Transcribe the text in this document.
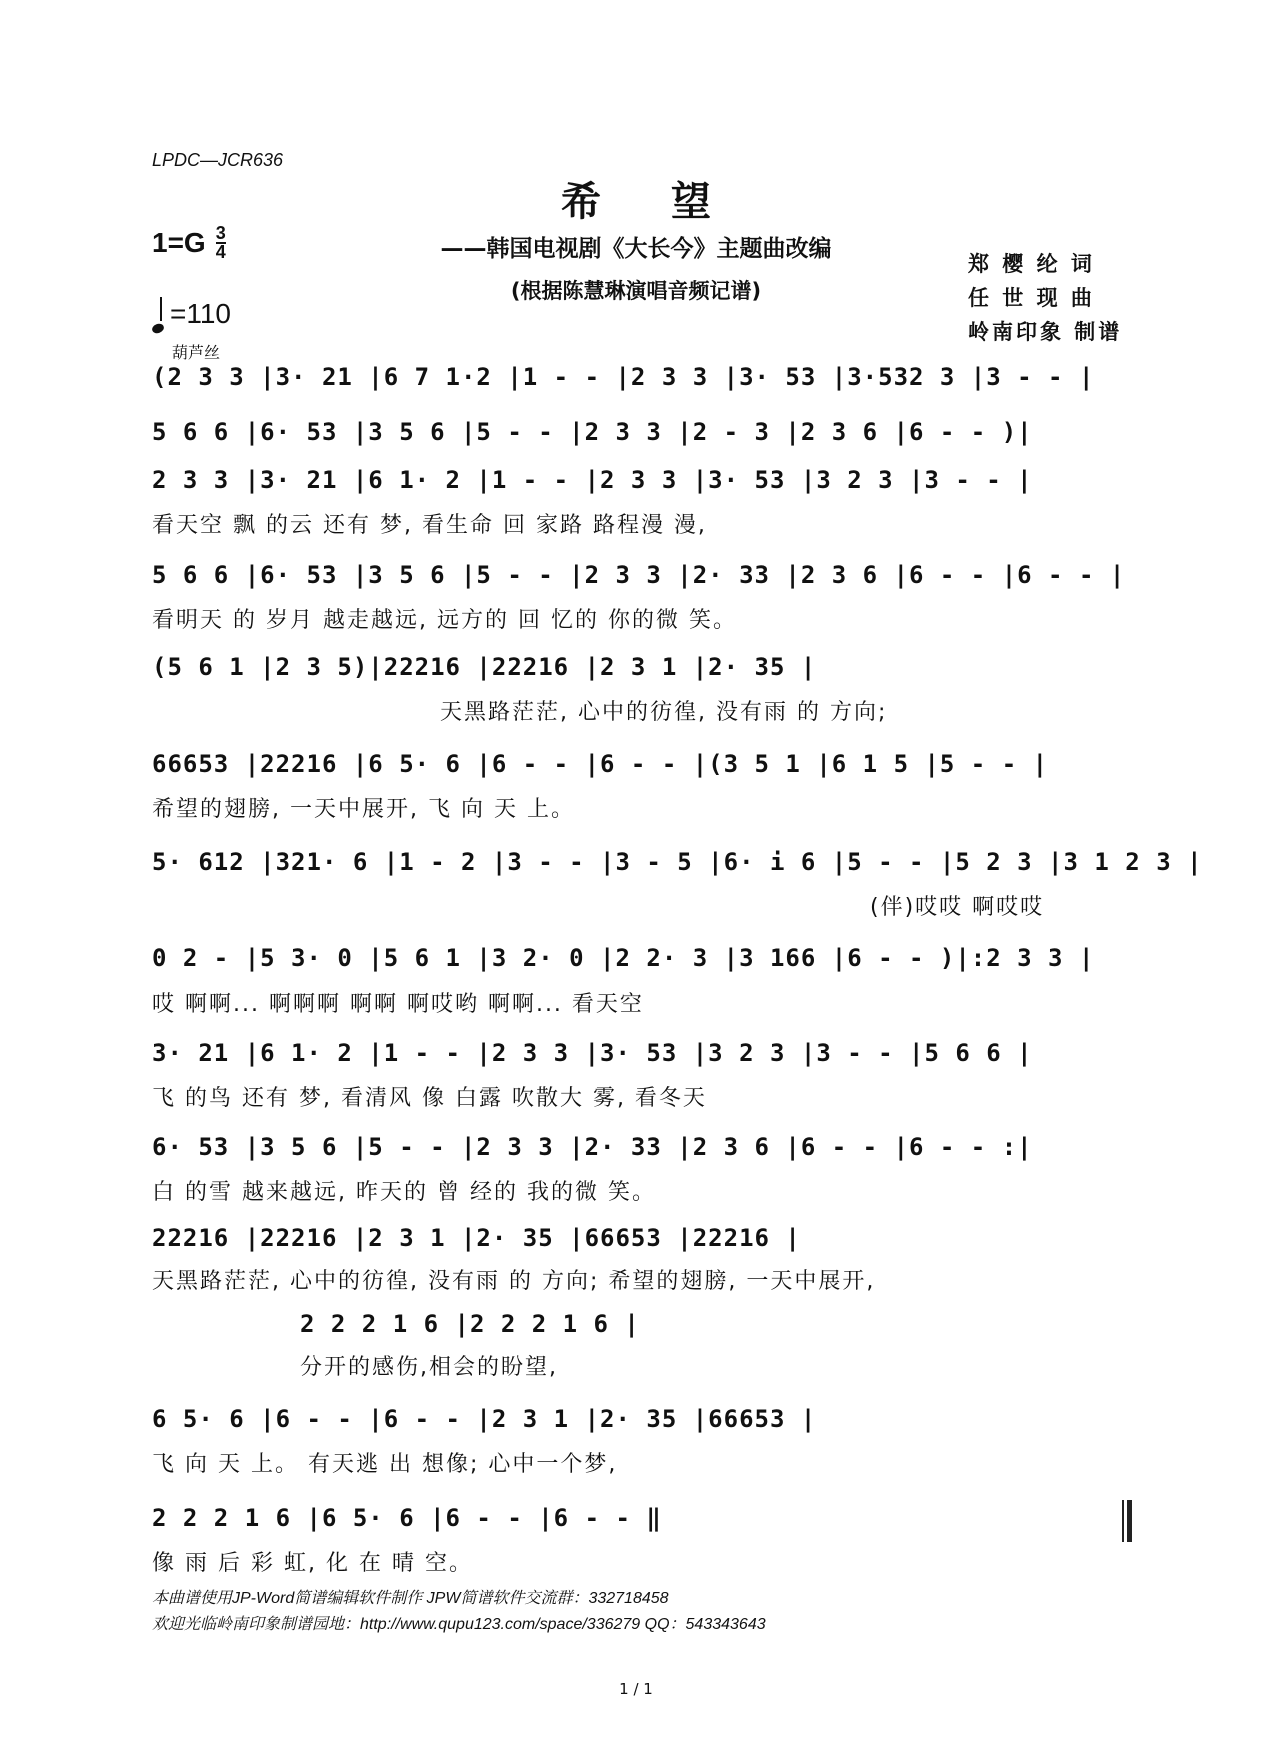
LPDC—JCR636
希望
$1=G \frac{3}{4}$
=110
——韩国电视剧《大长今》主题曲改编
(根据陈慧琳演唱音频记谱)
郑 樱 纶 词
任 世 现 曲
岭南印象 制谱
葫芦丝
(2 3 3 |3· 21 |6 7 1·2 |1 - - |2 3 3 |3· 53 |3·532 3 |3 - - |
5 6 6 |6· 53 |3 5 6 |5 - - |2 3 3 |2 - 3 |2 3 6 |6 - - )|
2 3 3 |3· 21 |6 1· 2 |1 - - |2 3 3 |3· 53 |3 2 3 |3 - - |
看天空 飘 的云 还有 梦, 看生命 回 家路 路程漫 漫,
5 6 6 |6· 53 |3 5 6 |5 - - |2 3 3 |2· 33 |2 3 6 |6 - - |6 - - |
看明天 的 岁月 越走越远, 远方的 回 忆的 你的微 笑。
(5 6 1 |2 3 5)|22216 |22216 |2 3 1 |2· 35 |
天黑路茫茫, 心中的彷徨, 没有雨 的 方向;
66653 |22216 |6 5· 6 |6 - - |6 - - |(3 5 1 |6 1 5 |5 - - |
希望的翅膀, 一天中展开, 飞 向 天 上。
5· 612 |321· 6 |1 - 2 |3 - - |3 - 5 |6· i 6 |5 - - |5 2 3 |3 1 2 3 |
(伴)哎哎 啊哎哎
0 2 - |5 3· 0 |5 6 1 |3 2· 0 |2 2· 3 |3 166 |6 - - )|:2 3 3 |
哎 啊啊... 啊啊啊 啊啊 啊哎哟 啊啊... 看天空
3· 21 |6 1· 2 |1 - - |2 3 3 |3· 53 |3 2 3 |3 - - |5 6 6 |
飞 的鸟 还有 梦, 看清风 像 白露 吹散大 雾, 看冬天
6· 53 |3 5 6 |5 - - |2 3 3 |2· 33 |2 3 6 |6 - - |6 - - :|
白 的雪 越来越远, 昨天的 曾 经的 我的微 笑。
22216 |22216 |2 3 1 |2· 35 |66653 |22216 |
天黑路茫茫, 心中的彷徨, 没有雨 的 方向; 希望的翅膀, 一天中展开,
2 2 2 1 6 |2 2 2 1 6 |
分开的感伤,相会的盼望,
6 5· 6 |6 - - |6 - - |2 3 1 |2· 35 |66653 |
飞 向 天 上。 有天逃 出 想像; 心中一个梦,
2 2 2 1 6 |6 5· 6 |6 - - |6 - - ‖
像 雨 后 彩 虹, 化 在 晴 空。
本曲谱使用JP-Word简谱编辑软件制作 JPW简谱软件交流群：332718458
欢迎光临岭南印象制谱园地：http://www.qupu123.com/space/336279 QQ：543343643
1 / 1
